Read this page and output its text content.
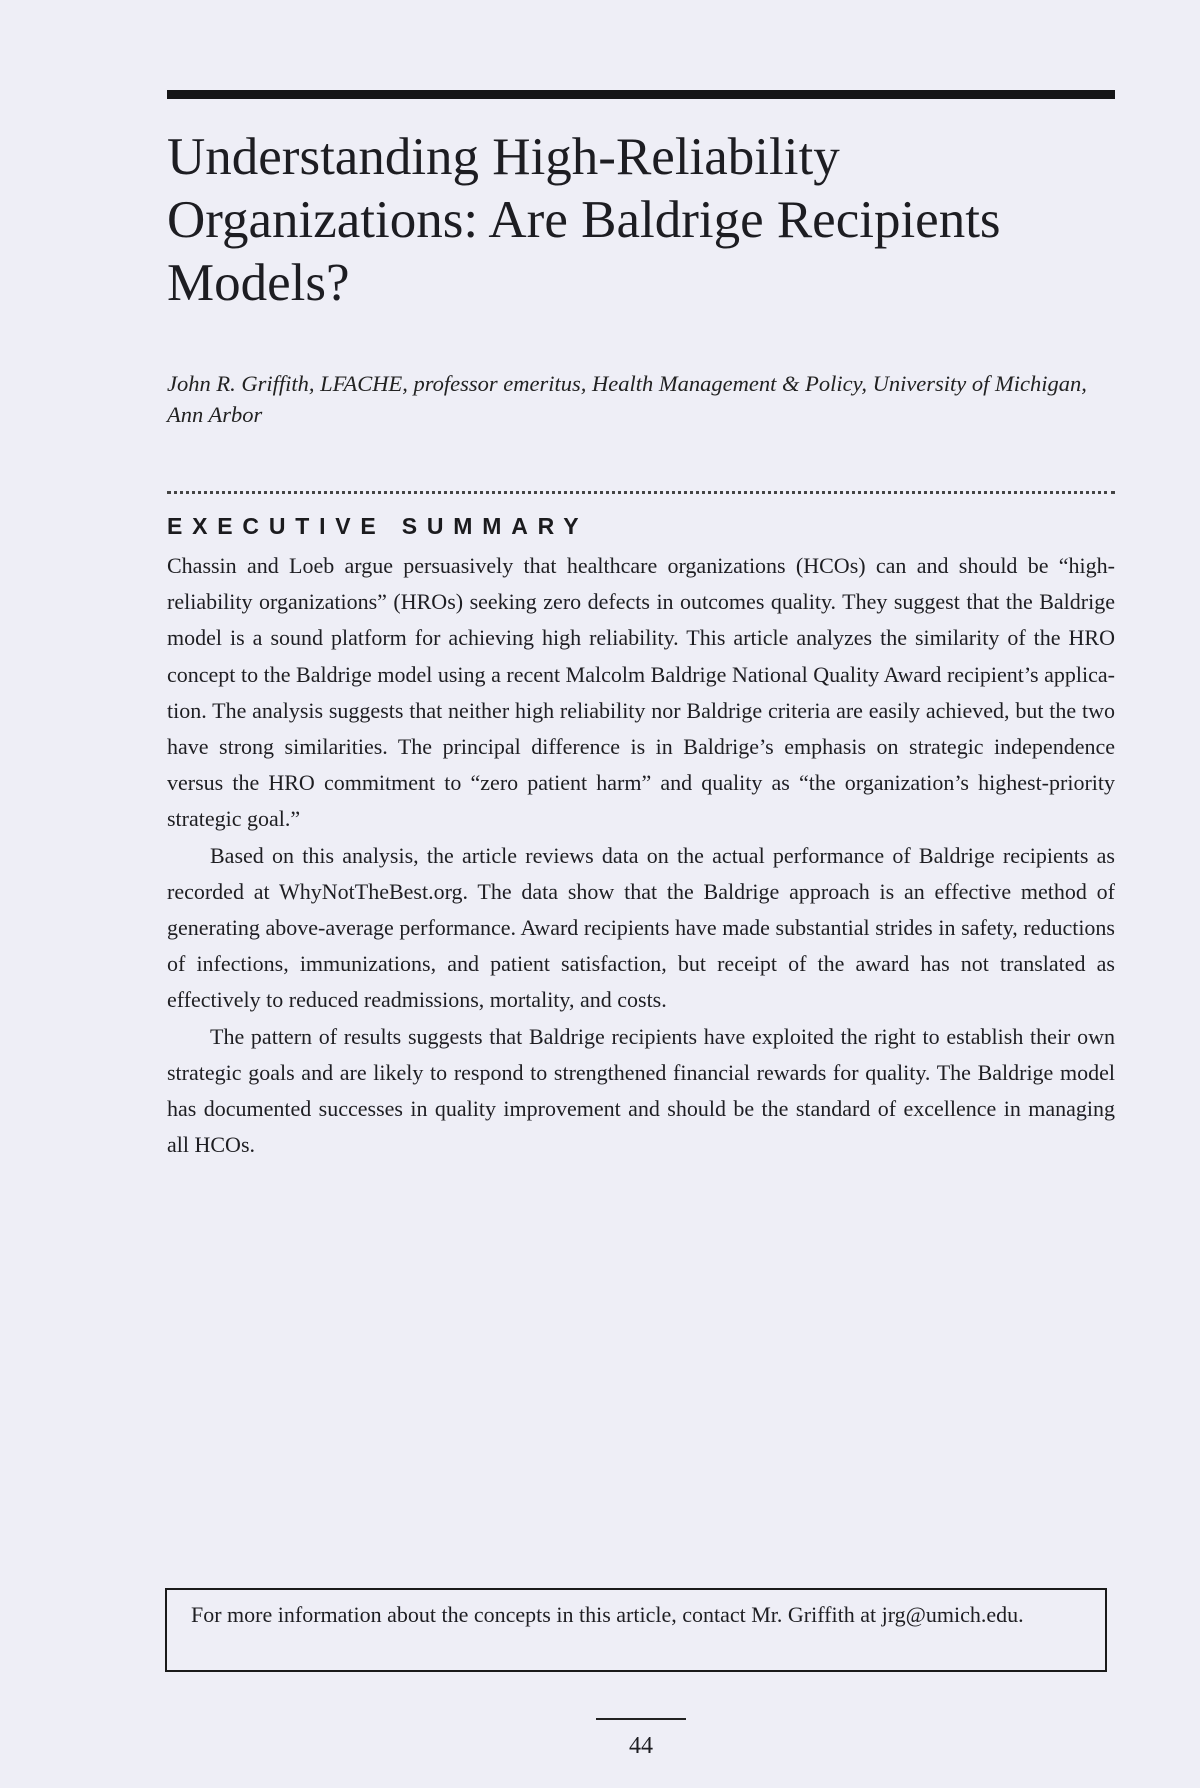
Understanding High-Reliability Organizations: Are Baldrige Recipients Models?

John R. Griffith, LFACHE, professor emeritus, Health Management & Policy, University of Michigan, Ann Arbor

EXECUTIVE SUMMARY

Chassin and Loeb argue persuasively that healthcare organizations (HCOs) can and should be “high-reliability organizations” (HROs) seeking zero defects in outcomes quality. They suggest that the Baldrige model is a sound platform for achieving high reliability. This article analyzes the similarity of the HRO concept to the Baldrige model using a recent Malcolm Baldrige National Quality Award recipient’s application. The analysis suggests that neither high reliability nor Baldrige criteria are easily achieved, but the two have strong similarities. The principal difference is in Baldrige’s emphasis on strategic independence versus the HRO commitment to “zero patient harm” and quality as “the organization’s highest-priority strategic goal.”

Based on this analysis, the article reviews data on the actual performance of Baldrige recipients as recorded at WhyNotTheBest.org. The data show that the Baldrige approach is an effective method of generating above-average performance. Award recipients have made substantial strides in safety, reductions of infections, immunizations, and patient satisfaction, but receipt of the award has not translated as effectively to reduced readmissions, mortality, and costs.

The pattern of results suggests that Baldrige recipients have exploited the right to establish their own strategic goals and are likely to respond to strengthened financial rewards for quality. The Baldrige model has documented successes in quality improvement and should be the standard of excellence in managing all HCOs.

For more information about the concepts in this article, contact Mr. Griffith at jrg@umich.edu.
44
